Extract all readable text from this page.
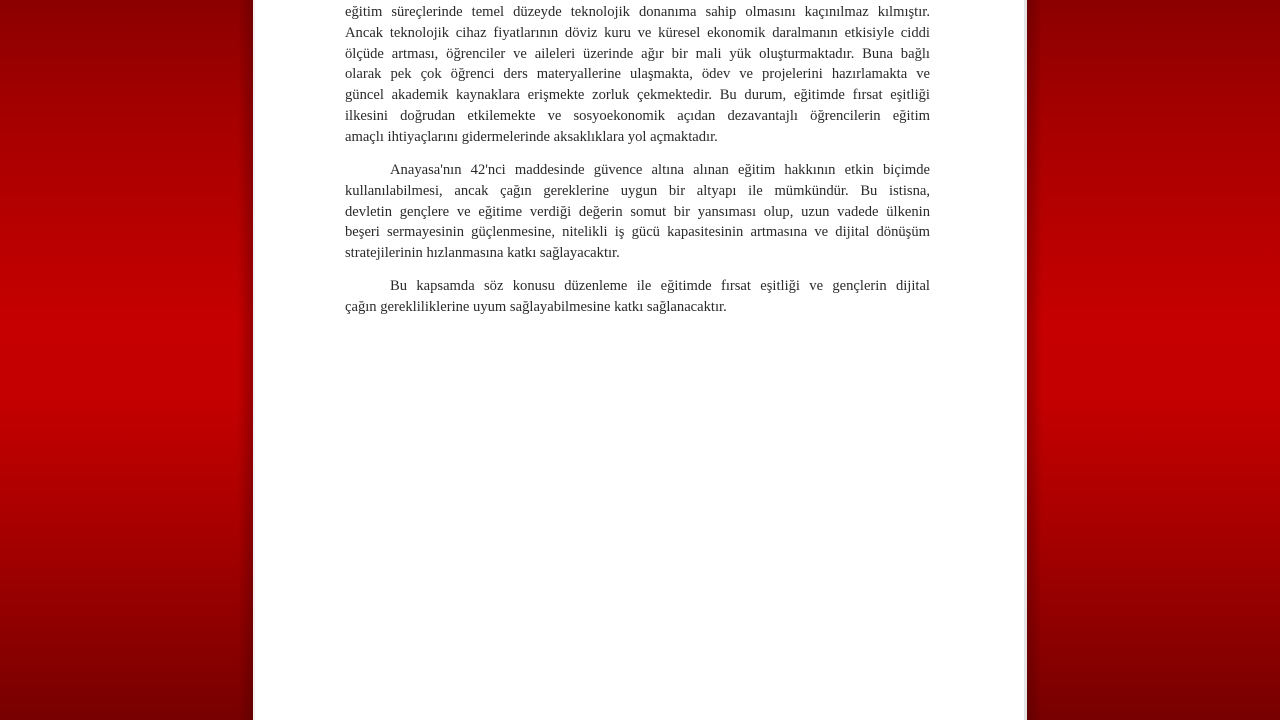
eğitim süreçlerinde temel düzeyde teknolojik donanıma sahip olmasını kaçınılmaz kılmıştır.
Ancak teknolojik cihaz fiyatlarının döviz kuru ve küresel ekonomik daralmanın etkisiyle ciddi
ölçüde artması, öğrenciler ve aileleri üzerinde ağır bir mali yük oluşturmaktadır. Buna bağlı
olarak pek çok öğrenci ders materyallerine ulaşmakta, ödev ve projelerini hazırlamakta ve
güncel akademik kaynaklara erişmekte zorluk çekmektedir. Bu durum, eğitimde fırsat eşitliği
ilkesini doğrudan etkilemekte ve sosyoekonomik açıdan dezavantajlı öğrencilerin eğitim
amaçlı ihtiyaçlarını gidermelerinde aksaklıklara yol açmaktadır.
Anayasa'nın 42'nci maddesinde güvence altına alınan eğitim hakkının etkin biçimde
kullanılabilmesi, ancak çağın gereklerine uygun bir altyapı ile mümkündür. Bu istisna,
devletin gençlere ve eğitime verdiği değerin somut bir yansıması olup, uzun vadede ülkenin
beşeri sermayesinin güçlenmesine, nitelikli iş gücü kapasitesinin artmasına ve dijital dönüşüm
stratejilerinin hızlanmasına katkı sağlayacaktır.
Bu kapsamda söz konusu düzenleme ile eğitimde fırsat eşitliği ve gençlerin dijital
çağın gerekliliklerine uyum sağlayabilmesine katkı sağlanacaktır.
